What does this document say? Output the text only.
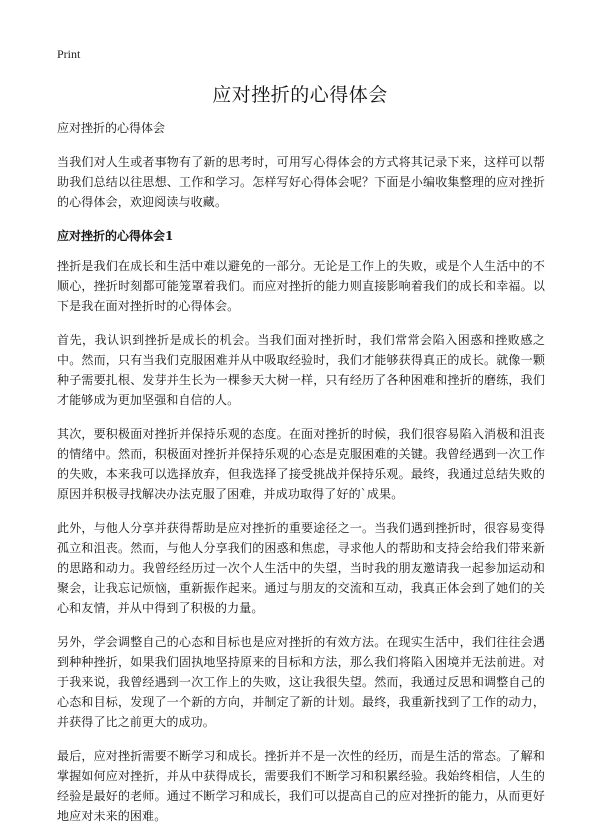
Print
应对挫折的心得体会

应对挫折的心得体会

当我们对人生或者事物有了新的思考时，可用写心得体会的方式将其记录下来，这样可以帮助我们总结以往思想、工作和学习。怎样写好心得体会呢？下面是小编收集整理的应对挫折的心得体会，欢迎阅读与收藏。

应对挫折的心得体会1

挫折是我们在成长和生活中难以避免的一部分。无论是工作上的失败，或是个人生活中的不顺心，挫折时刻都可能笼罩着我们。而应对挫折的能力则直接影响着我们的成长和幸福。以下是我在面对挫折时的心得体会。

首先，我认识到挫折是成长的机会。当我们面对挫折时，我们常常会陷入困惑和挫败感之中。然而，只有当我们克服困难并从中吸取经验时，我们才能够获得真正的成长。就像一颗种子需要扎根、发芽并生长为一棵参天大树一样，只有经历了各种困难和挫折的磨练，我们才能够成为更加坚强和自信的人。

其次，要积极面对挫折并保持乐观的态度。在面对挫折的时候，我们很容易陷入消极和沮丧的情绪中。然而，积极面对挫折并保持乐观的心态是克服困难的关键。我曾经遇到一次工作的失败，本来我可以选择放弃，但我选择了接受挑战并保持乐观。最终，我通过总结失败的原因并积极寻找解决办法克服了困难，并成功取得了好的`成果。

此外，与他人分享并获得帮助是应对挫折的重要途径之一。当我们遇到挫折时，很容易变得孤立和沮丧。然而，与他人分享我们的困惑和焦虑，寻求他人的帮助和支持会给我们带来新的思路和动力。我曾经经历过一次个人生活中的失望，当时我的朋友邀请我一起参加运动和聚会，让我忘记烦恼，重新振作起来。通过与朋友的交流和互动，我真正体会到了她们的关心和友情，并从中得到了积极的力量。

另外，学会调整自己的心态和目标也是应对挫折的有效方法。在现实生活中，我们往往会遇到种种挫折，如果我们固执地坚持原来的目标和方法，那么我们将陷入困境并无法前进。对于我来说，我曾经遇到一次工作上的失败，这让我很失望。然而，我通过反思和调整自己的心态和目标，发现了一个新的方向，并制定了新的计划。最终，我重新找到了工作的动力，并获得了比之前更大的成功。

最后，应对挫折需要不断学习和成长。挫折并不是一次性的经历，而是生活的常态。了解和掌握如何应对挫折，并从中获得成长，需要我们不断学习和积累经验。我始终相信，人生的经验是最好的老师。通过不断学习和成长，我们可以提高自己的应对挫折的能力，从而更好地应对未来的困难。
